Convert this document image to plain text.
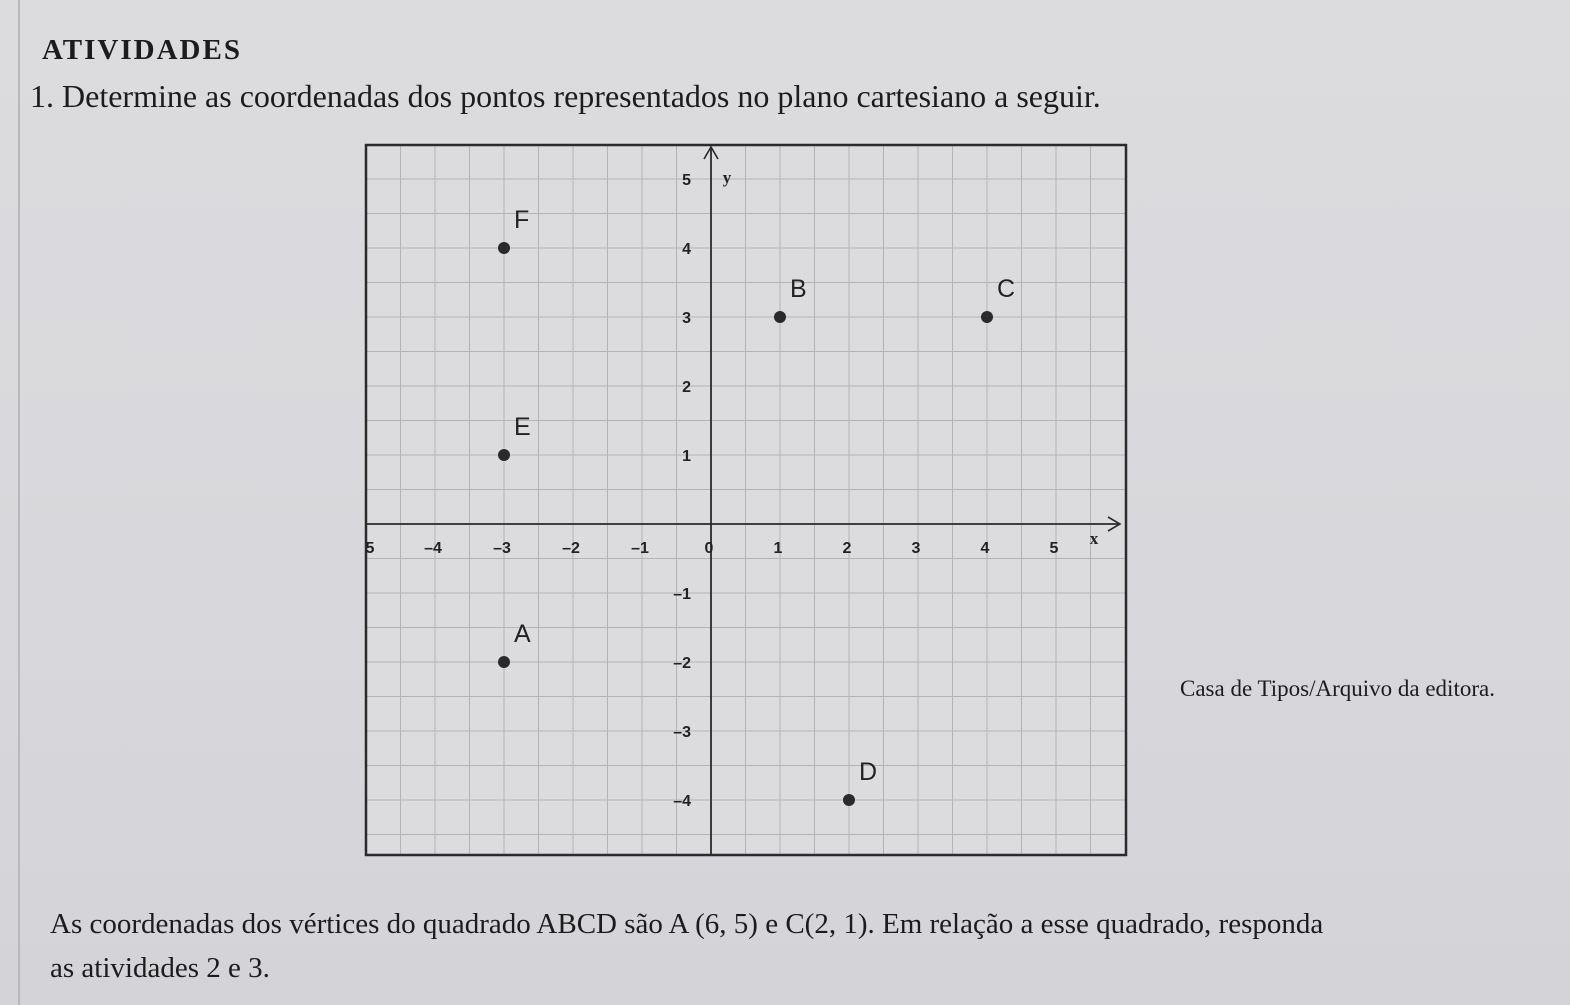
ATIVIDADES

1. Determine as coordenadas dos pontos representados no plano cartesiano a seguir.

x
y
5	–4	–3	–2	–1	0	1	2	3	4	5
5
4
3
2
1
–1
–2
–3
–4
F
B	C
E
A
D
Casa de Tipos/Arquivo da editora.

As coordenadas dos vértices do quadrado ABCD são A (6, 5) e C(2, 1). Em relação a esse quadrado, responda
as atividades 2 e 3.
